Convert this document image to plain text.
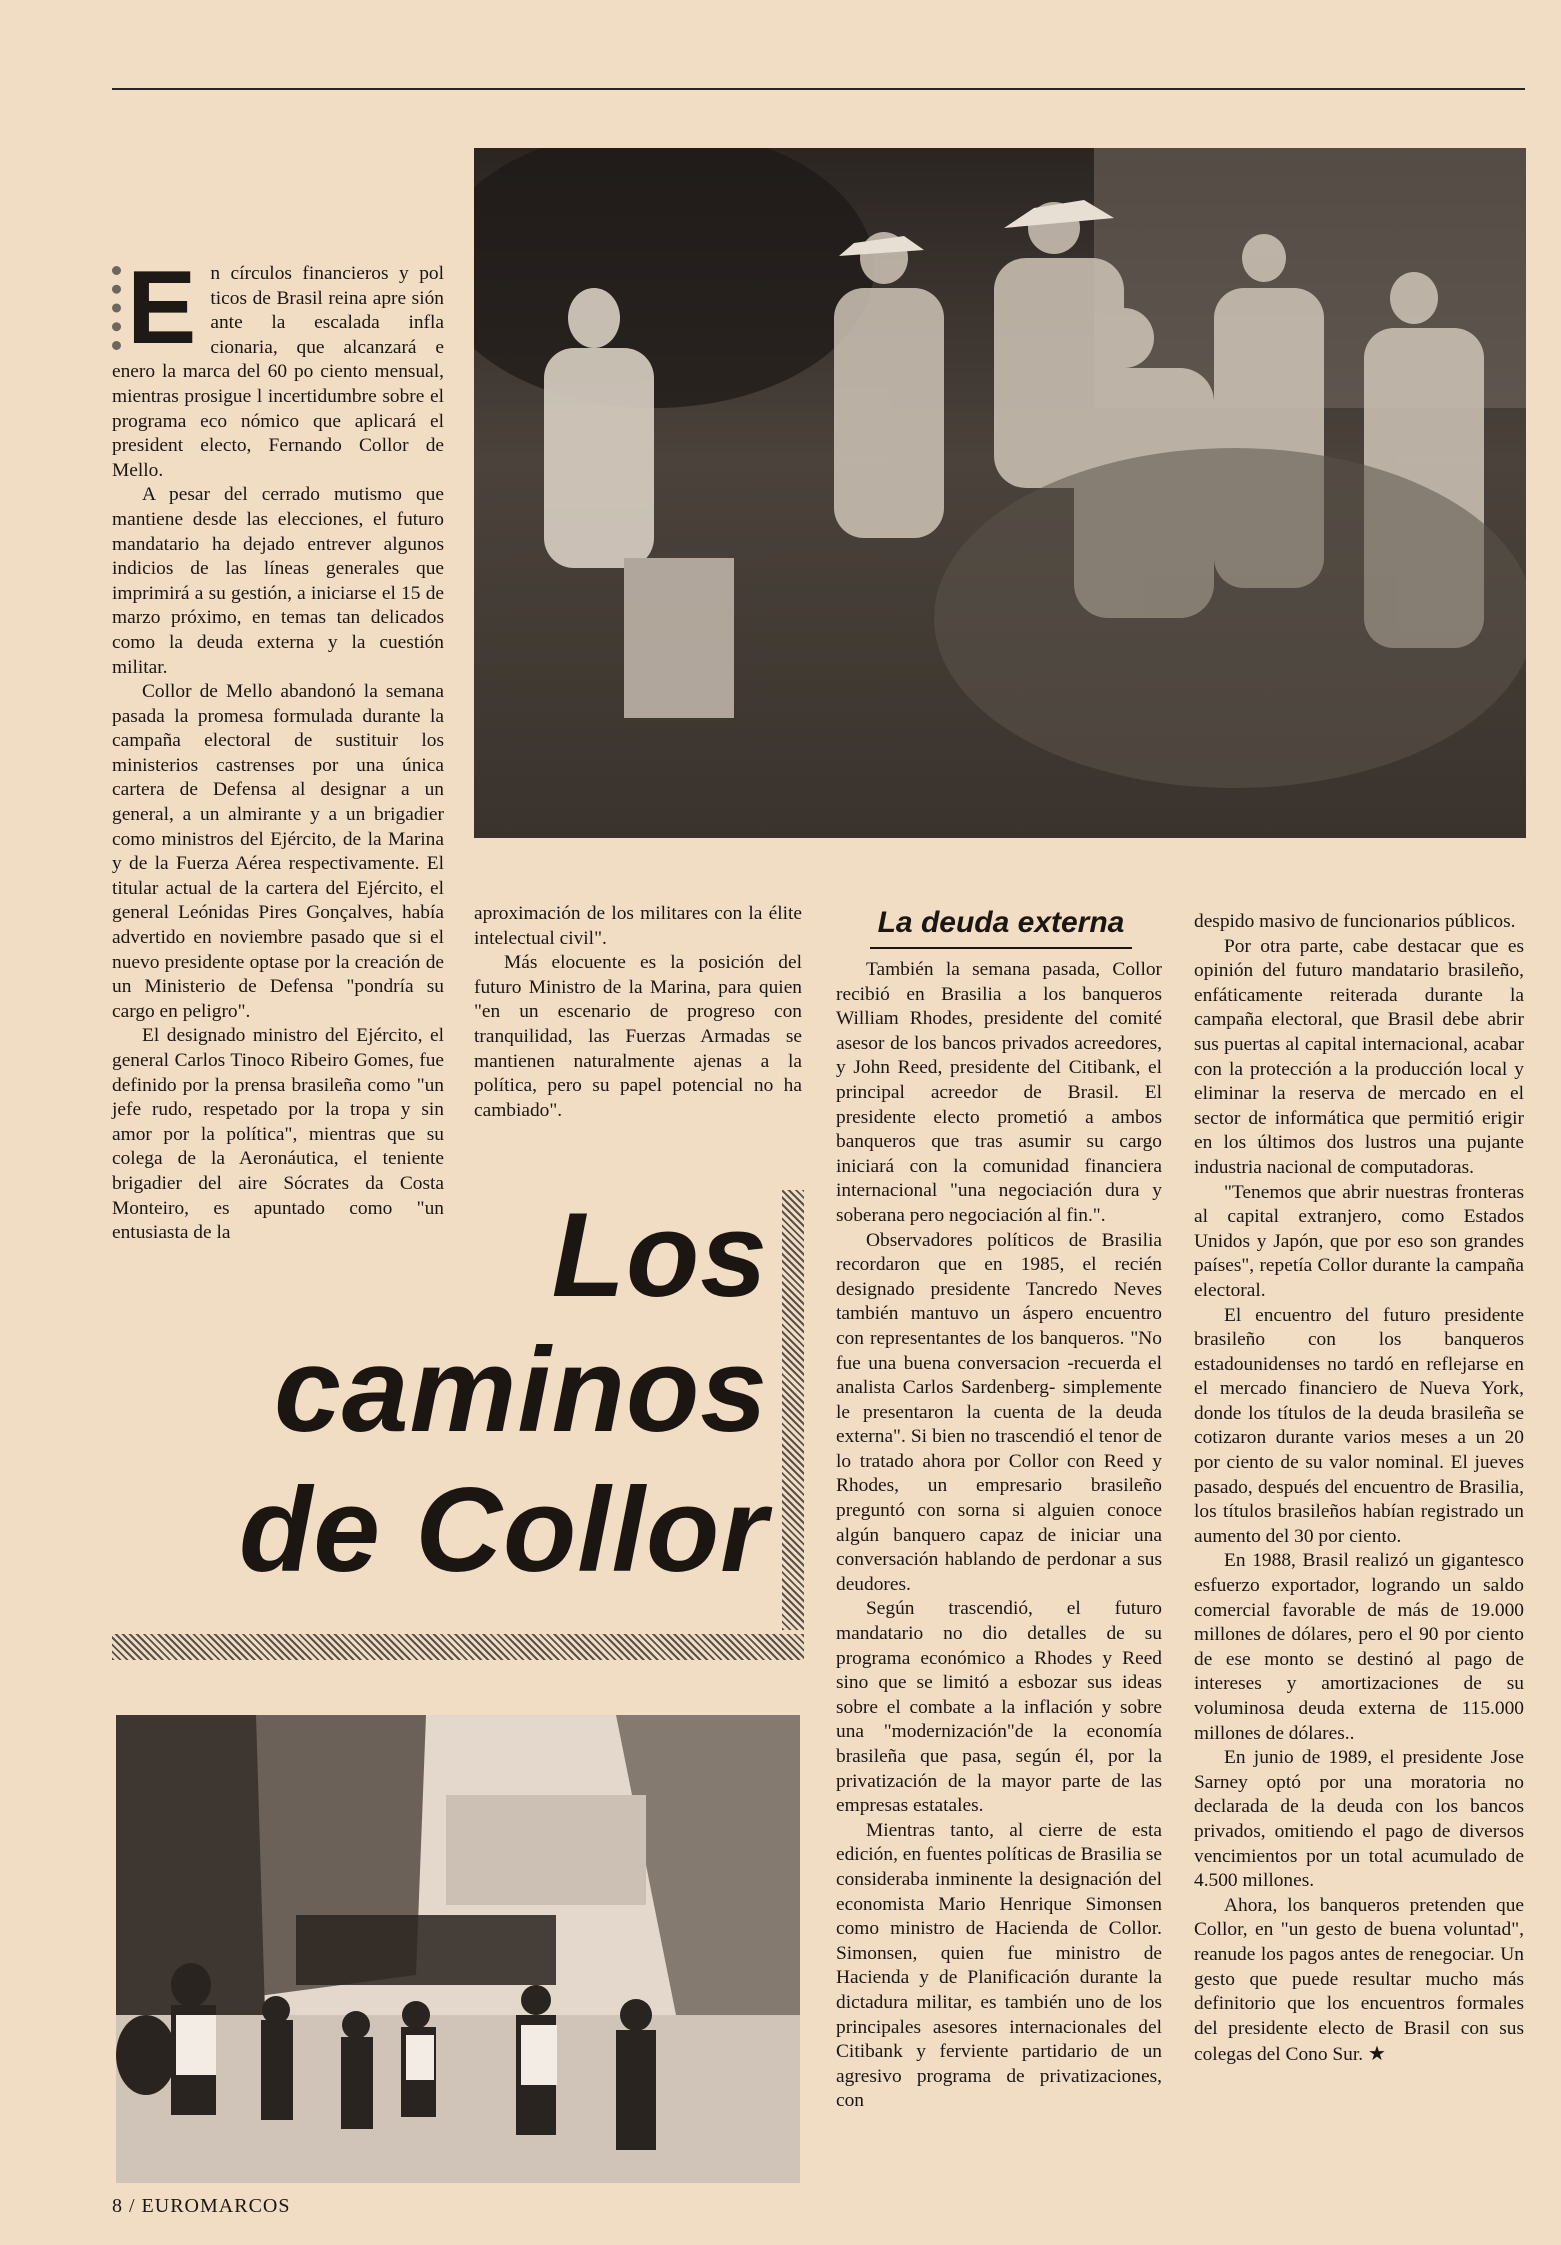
E n círculos financieros y pol ticos de Brasil reina apre sión ante la escalada infla cionaria, que alcanzará e enero la marca del 60 po ciento mensual, mientras prosigue l incertidumbre sobre el programa eco nómico que aplicará el president electo, Fernando Collor de Mello.

A pesar del cerrado mutismo que mantiene desde las elecciones, el futuro mandatario ha dejado entrever algunos indicios de las líneas generales que imprimirá a su gestión, a iniciarse el 15 de marzo próximo, en temas tan delicados como la deuda externa y la cuestión militar.

Collor de Mello abandonó la semana pasada la promesa formulada durante la campaña electoral de sustituir los ministerios castrenses por una única cartera de Defensa al designar a un general, a un almirante y a un brigadier como ministros del Ejército, de la Marina y de la Fuerza Aérea respectivamente. El titular actual de la cartera del Ejército, el general Leónidas Pires Gonçalves, había advertido en noviembre pasado que si el nuevo presidente optase por la creación de un Ministerio de Defensa "pondría su cargo en peligro".

El designado ministro del Ejército, el general Carlos Tinoco Ribeiro Gomes, fue definido por la prensa brasileña como "un jefe rudo, respetado por la tropa y sin amor por la política", mientras que su colega de la Aeronáutica, el teniente brigadier del aire Sócrates da Costa Monteiro, es apuntado como "un entusiasta de la

aproximación de los militares con la élite intelectual civil".

Más elocuente es la posición del futuro Ministro de la Marina, para quien "en un escenario de progreso con tranquilidad, las Fuerzas Armadas se mantienen naturalmente ajenas a la política, pero su papel potencial no ha cambiado".

Los
caminos
de Collor
La deuda externa

También la semana pasada, Collor recibió en Brasilia a los banqueros William Rhodes, presidente del comité asesor de los bancos privados acreedores, y John Reed, presidente del Citibank, el principal acreedor de Brasil. El presidente electo prometió a ambos banqueros que tras asumir su cargo iniciará con la comunidad financiera internacional "una negociación dura y soberana pero negociación al fin.".

Observadores políticos de Brasilia recordaron que en 1985, el recién designado presidente Tancredo Neves también mantuvo un áspero encuentro con representantes de los banqueros. "No fue una buena conversacion -recuerda el analista Carlos Sardenberg- simplemente le presentaron la cuenta de la deuda externa". Si bien no trascendió el tenor de lo tratado ahora por Collor con Reed y Rhodes, un empresario brasileño preguntó con sorna si alguien conoce algún banquero capaz de iniciar una conversación hablando de perdonar a sus deudores.

Según trascendió, el futuro mandatario no dio detalles de su programa económico a Rhodes y Reed sino que se limitó a esbozar sus ideas sobre el combate a la inflación y sobre una "modernización"de la economía brasileña que pasa, según él, por la privatización de la mayor parte de las empresas estatales.

Mientras tanto, al cierre de esta edición, en fuentes políticas de Brasilia se consideraba inminente la designación del economista Mario Henrique Simonsen como ministro de Hacienda de Collor. Simonsen, quien fue ministro de Hacienda y de Planificación durante la dictadura militar, es también uno de los principales asesores internacionales del Citibank y ferviente partidario de un agresivo programa de privatizaciones, con

despido masivo de funcionarios públicos.

Por otra parte, cabe destacar que es opinión del futuro mandatario brasileño, enfáticamente reiterada durante la campaña electoral, que Brasil debe abrir sus puertas al capital internacional, acabar con la protección a la producción local y eliminar la reserva de mercado en el sector de informática que permitió erigir en los últimos dos lustros una pujante industria nacional de computadoras.

"Tenemos que abrir nuestras fronteras al capital extranjero, como Estados Unidos y Japón, que por eso son grandes países", repetía Collor durante la campaña electoral.

El encuentro del futuro presidente brasileño con los banqueros estadounidenses no tardó en reflejarse en el mercado financiero de Nueva York, donde los títulos de la deuda brasileña se cotizaron durante varios meses a un 20 por ciento de su valor nominal. El jueves pasado, después del encuentro de Brasilia, los títulos brasileños habían registrado un aumento del 30 por ciento.

En 1988, Brasil realizó un gigantesco esfuerzo exportador, logrando un saldo comercial favorable de más de 19.000 millones de dólares, pero el 90 por ciento de ese monto se destinó al pago de intereses y amortizaciones de su voluminosa deuda externa de 115.000 millones de dólares..

En junio de 1989, el presidente Jose Sarney optó por una moratoria no declarada de la deuda con los bancos privados, omitiendo el pago de diversos vencimientos por un total acumulado de 4.500 millones.

Ahora, los banqueros pretenden que Collor, en "un gesto de buena voluntad", reanude los pagos antes de renegociar. Un gesto que puede resultar mucho más definitorio que los encuentros formales del presidente electo de Brasil con sus colegas del Cono Sur. ★

8 / EUROMARCOS
